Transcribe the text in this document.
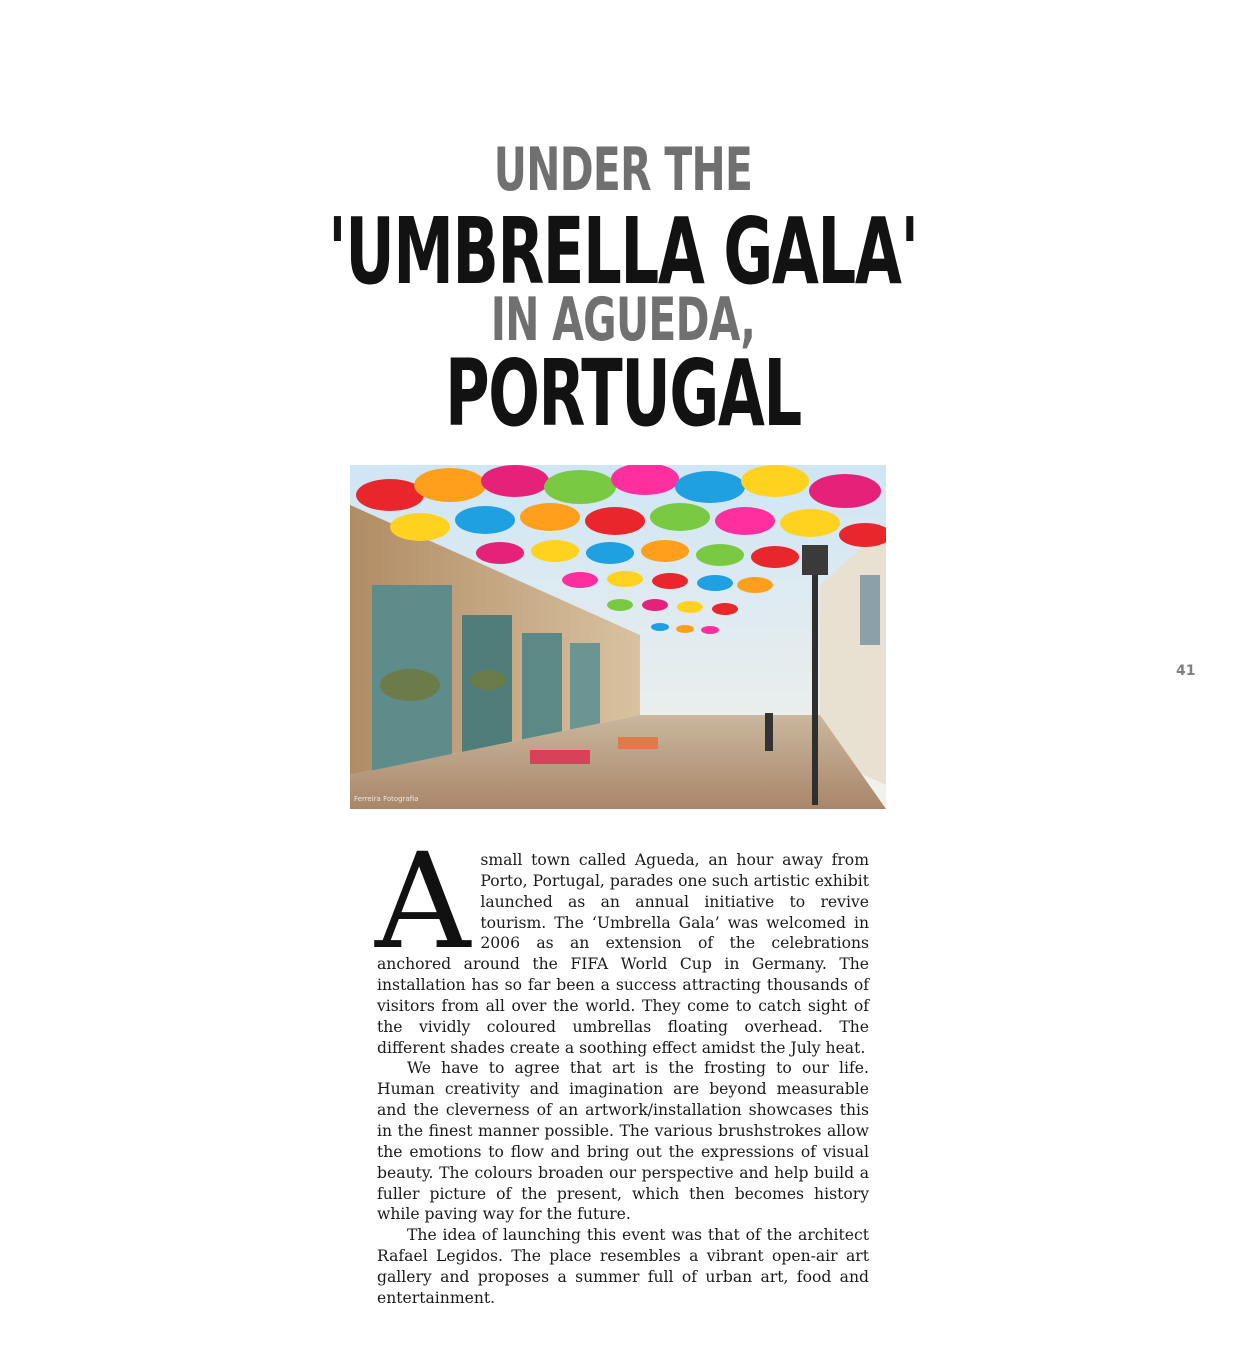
UNDER THE
'UMBRELLA GALA'
IN AGUEDA,
PORTUGAL
Ferreira Fotografia
41

A small town called Agueda, an hour away from Porto, Portugal, parades one such artistic exhibit launched as an annual initiative to revive tourism. The ‘Umbrella Gala’ was welcomed in 2006 as an extension of the celebrations anchored around the FIFA World Cup in Germany. The installation has so far been a success attracting thousands of visitors from all over the world. They come to catch sight of the vividly coloured umbrellas floating overhead. The different shades create a soothing effect amidst the July heat.

We have to agree that art is the frosting to our life. Human creativity and imagination are beyond measurable and the cleverness of an artwork/installation showcases this in the finest manner possible. The various brushstrokes allow the emotions to flow and bring out the expressions of visual beauty. The colours broaden our perspective and help build a fuller picture of the present, which then becomes history while paving way for the future.

The idea of launching this event was that of the architect Rafael Legidos. The place resembles a vibrant open-air art gallery and proposes a summer full of urban art, food and entertainment.
